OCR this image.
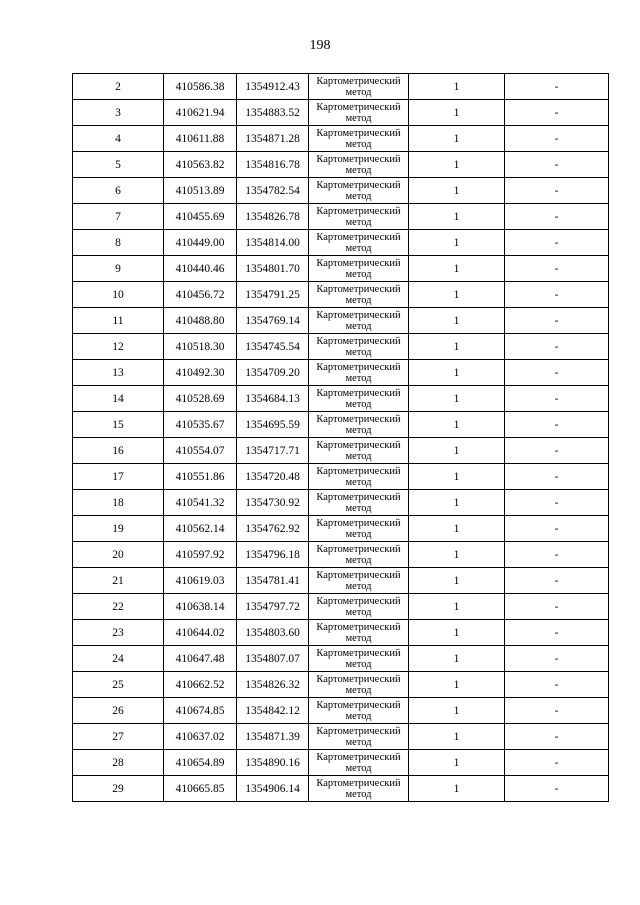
198
2	410586.38	1354912.43	Картометрический метод	1	-
3	410621.94	1354883.52	Картометрический метод	1	-
4	410611.88	1354871.28	Картометрический метод	1	-
5	410563.82	1354816.78	Картометрический метод	1	-
6	410513.89	1354782.54	Картометрический метод	1	-
7	410455.69	1354826.78	Картометрический метод	1	-
8	410449.00	1354814.00	Картометрический метод	1	-
9	410440.46	1354801.70	Картометрический метод	1	-
10	410456.72	1354791.25	Картометрический метод	1	-
11	410488.80	1354769.14	Картометрический метод	1	-
12	410518.30	1354745.54	Картометрический метод	1	-
13	410492.30	1354709.20	Картометрический метод	1	-
14	410528.69	1354684.13	Картометрический метод	1	-
15	410535.67	1354695.59	Картометрический метод	1	-
16	410554.07	1354717.71	Картометрический метод	1	-
17	410551.86	1354720.48	Картометрический метод	1	-
18	410541.32	1354730.92	Картометрический метод	1	-
19	410562.14	1354762.92	Картометрический метод	1	-
20	410597.92	1354796.18	Картометрический метод	1	-
21	410619.03	1354781.41	Картометрический метод	1	-
22	410638.14	1354797.72	Картометрический метод	1	-
23	410644.02	1354803.60	Картометрический метод	1	-
24	410647.48	1354807.07	Картометрический метод	1	-
25	410662.52	1354826.32	Картометрический метод	1	-
26	410674.85	1354842.12	Картометрический метод	1	-
27	410637.02	1354871.39	Картометрический метод	1	-
28	410654.89	1354890.16	Картометрический метод	1	-
29	410665.85	1354906.14	Картометрический метод	1	-
